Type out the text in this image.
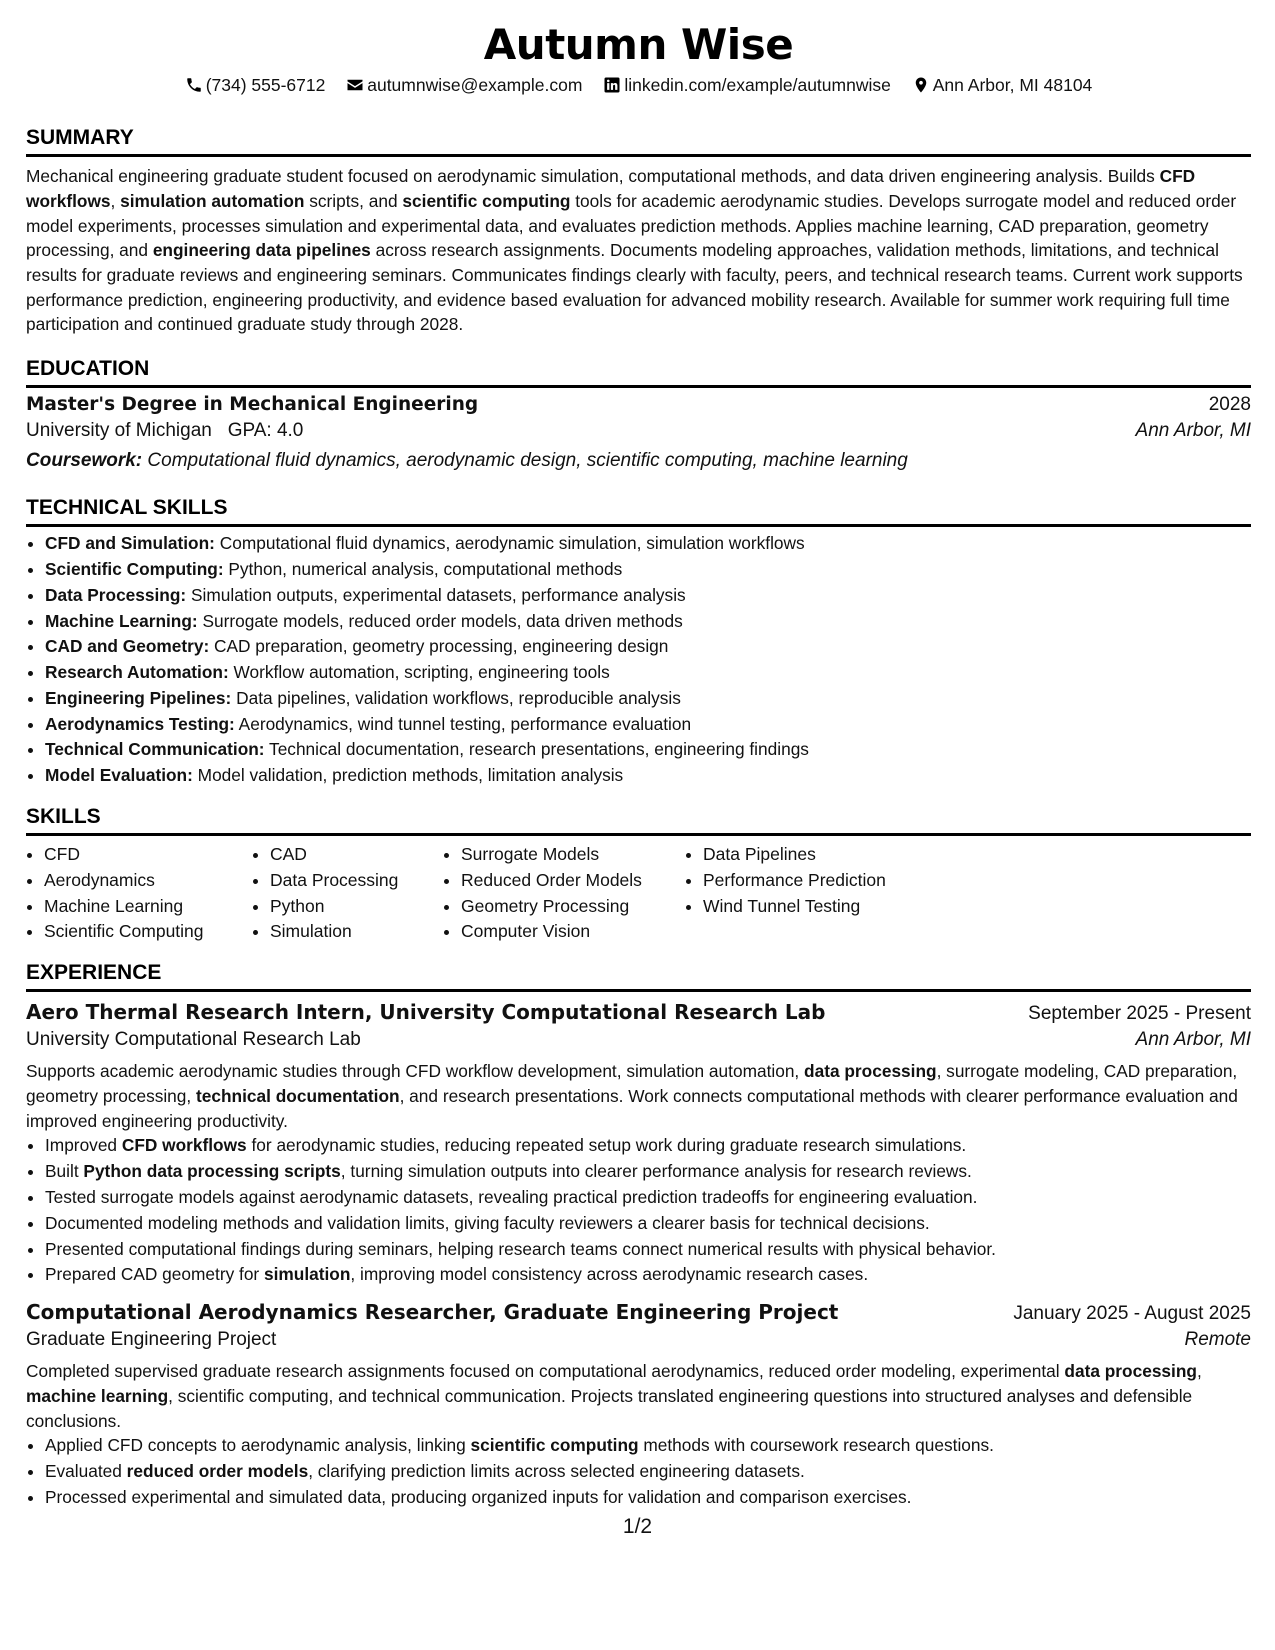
Autumn Wise
(734) 555-6712 autumnwise@example.com linkedin.com/example/autumnwise Ann Arbor, MI 48104
SUMMARY
Mechanical engineering graduate student focused on aerodynamic simulation, computational methods, and data driven engineering analysis. Builds CFD workflows, simulation automation scripts, and scientific computing tools for academic aerodynamic studies. Develops surrogate model and reduced order model experiments, processes simulation and experimental data, and evaluates prediction methods. Applies machine learning, CAD preparation, geometry processing, and engineering data pipelines across research assignments. Documents modeling approaches, validation methods, limitations, and technical results for graduate reviews and engineering seminars. Communicates findings clearly with faculty, peers, and technical research teams. Current work supports performance prediction, engineering productivity, and evidence based evaluation for advanced mobility research. Available for summer work requiring full time participation and continued graduate study through 2028.
EDUCATION
Master's Degree in Mechanical Engineering	2028
University of Michigan GPA: 4.0	Ann Arbor, MI
Coursework: Computational fluid dynamics, aerodynamic design, scientific computing, machine learning
TECHNICAL SKILLS
• CFD and Simulation: Computational fluid dynamics, aerodynamic simulation, simulation workflows
• Scientific Computing: Python, numerical analysis, computational methods
• Data Processing: Simulation outputs, experimental datasets, performance analysis
• Machine Learning: Surrogate models, reduced order models, data driven methods
• CAD and Geometry: CAD preparation, geometry processing, engineering design
• Research Automation: Workflow automation, scripting, engineering tools
• Engineering Pipelines: Data pipelines, validation workflows, reproducible analysis
• Aerodynamics Testing: Aerodynamics, wind tunnel testing, performance evaluation
• Technical Communication: Technical documentation, research presentations, engineering findings
• Model Evaluation: Model validation, prediction methods, limitation analysis
SKILLS
• CFD
• Aerodynamics
• Machine Learning
• Scientific Computing
• CAD
• Data Processing
• Python
• Simulation
• Surrogate Models
• Reduced Order Models
• Geometry Processing
• Computer Vision
• Data Pipelines
• Performance Prediction
• Wind Tunnel Testing
EXPERIENCE
Aero Thermal Research Intern, University Computational Research Lab	September 2025 - Present
University Computational Research Lab	Ann Arbor, MI
Supports academic aerodynamic studies through CFD workflow development, simulation automation, data processing, surrogate modeling, CAD preparation, geometry processing, technical documentation, and research presentations. Work connects computational methods with clearer performance evaluation and improved engineering productivity.
• Improved CFD workflows for aerodynamic studies, reducing repeated setup work during graduate research simulations.
• Built Python data processing scripts, turning simulation outputs into clearer performance analysis for research reviews.
• Tested surrogate models against aerodynamic datasets, revealing practical prediction tradeoffs for engineering evaluation.
• Documented modeling methods and validation limits, giving faculty reviewers a clearer basis for technical decisions.
• Presented computational findings during seminars, helping research teams connect numerical results with physical behavior.
• Prepared CAD geometry for simulation, improving model consistency across aerodynamic research cases.
Computational Aerodynamics Researcher, Graduate Engineering Project	January 2025 - August 2025
Graduate Engineering Project	Remote
Completed supervised graduate research assignments focused on computational aerodynamics, reduced order modeling, experimental data processing, machine learning, scientific computing, and technical communication. Projects translated engineering questions into structured analyses and defensible conclusions.
• Applied CFD concepts to aerodynamic analysis, linking scientific computing methods with coursework research questions.
• Evaluated reduced order models, clarifying prediction limits across selected engineering datasets.
• Processed experimental and simulated data, producing organized inputs for validation and comparison exercises.
1/2
